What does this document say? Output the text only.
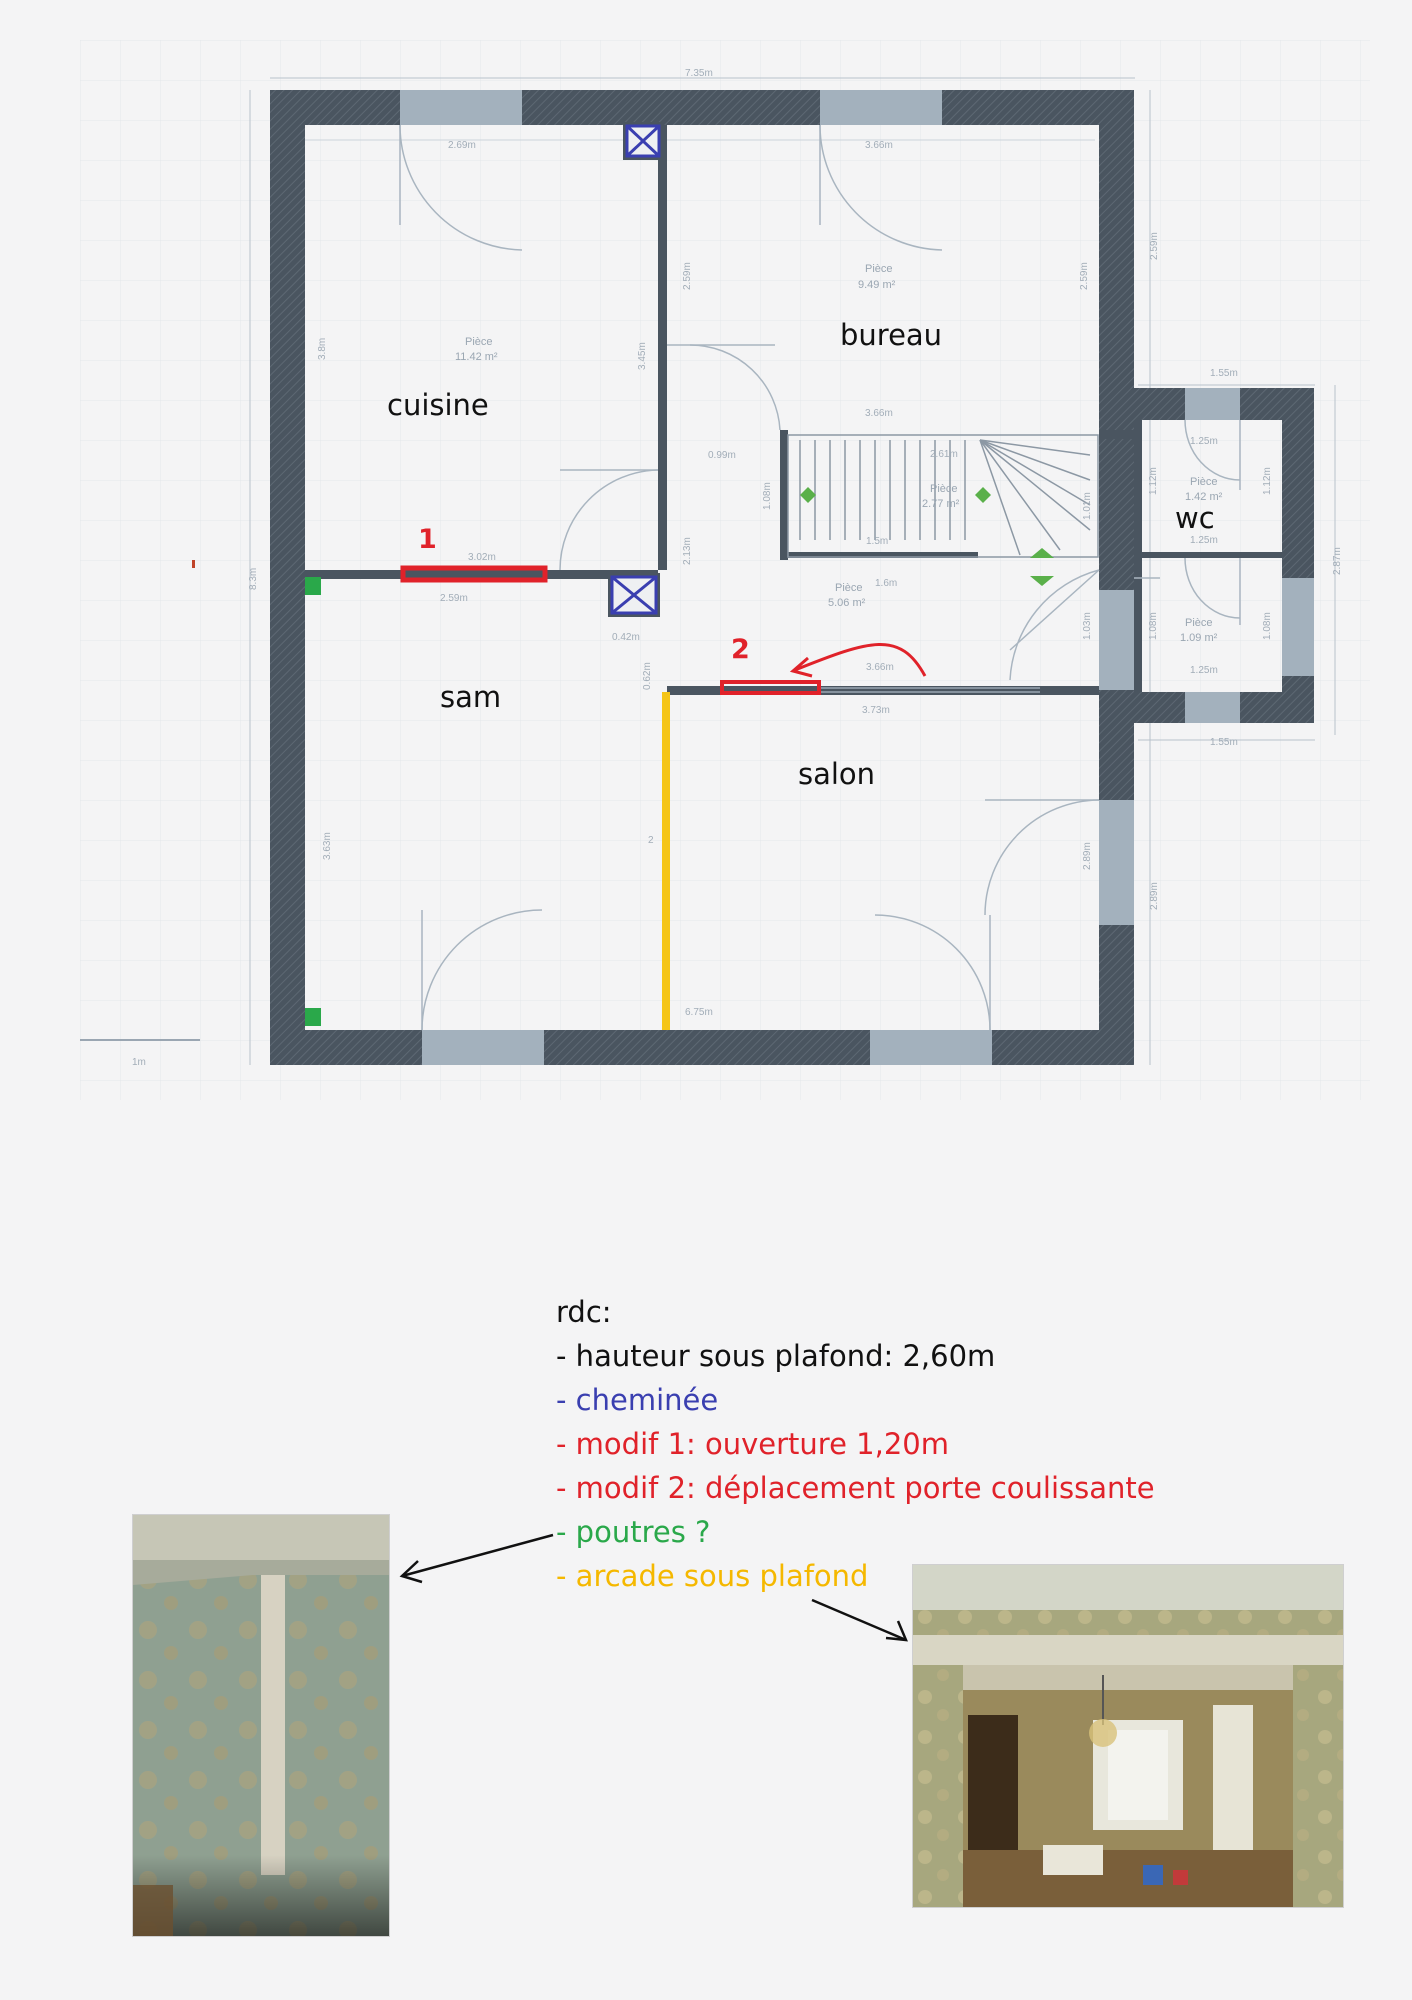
1
2
cuisine
bureau
sam
salon
wc
Pièce
11.42 m²
Pièce
9.49 m²
Pièce
2.77 m²
Pièce
5.06 m²
Pièce
1.42 m²
Pièce
1.09 m²
7.35m
2.69m	3.66m
3.66m
3.02m
2.59m
0.42m
0.99m	2.61m
1.5m
1.6m
3.66m
3.73m
6.75m
1.55m
1.55m
1.25m
1.25m
1.25m
1m
2
8.3m
3.8m	3.45m
2.59m	2.59m
2.59m
2.13m
1.08m	1.01m
1.03m
0.62m
3.63m	2.89m
2.89m
1.12m	1.12m
1.08m	1.08m
2.87m
rdc:
- hauteur sous plafond: 2,60m
- cheminée
- modif 1: ouverture 1,20m
- modif 2: déplacement porte coulissante
- poutres ?
- arcade sous plafond
